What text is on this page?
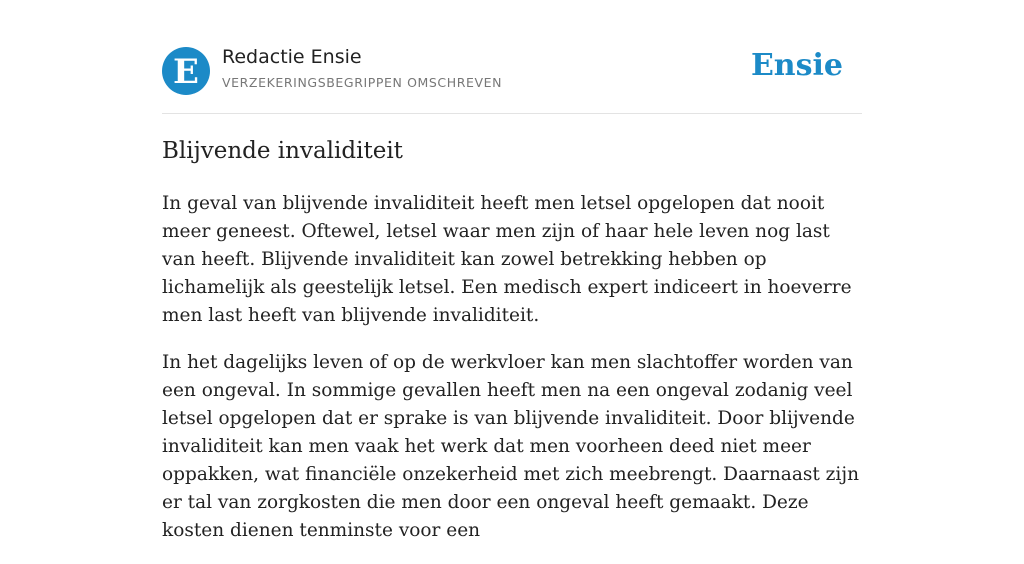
E Redactie Ensie
VERZEKERINGSBEGRIPPEN OMSCHREVEN	Ensie
Blijvende invaliditeit

In geval van blijvende invaliditeit heeft men letsel opgelopen dat nooit meer geneest. Oftewel, letsel waar men zijn of haar hele leven nog last van heeft. Blijvende invaliditeit kan zowel betrekking hebben op lichamelijk als geestelijk letsel. Een medisch expert indiceert in hoeverre men last heeft van blijvende invaliditeit.

In het dagelijks leven of op de werkvloer kan men slachtoffer worden van een ongeval. In sommige gevallen heeft men na een ongeval zodanig veel letsel opgelopen dat er sprake is van blijvende invaliditeit. Door blijvende invaliditeit kan men vaak het werk dat men voorheen deed niet meer oppakken, wat financiële onzekerheid met zich meebrengt. Daarnaast zijn er tal van zorgkosten die men door een ongeval heeft gemaakt. Deze kosten dienen tenminste voor een
